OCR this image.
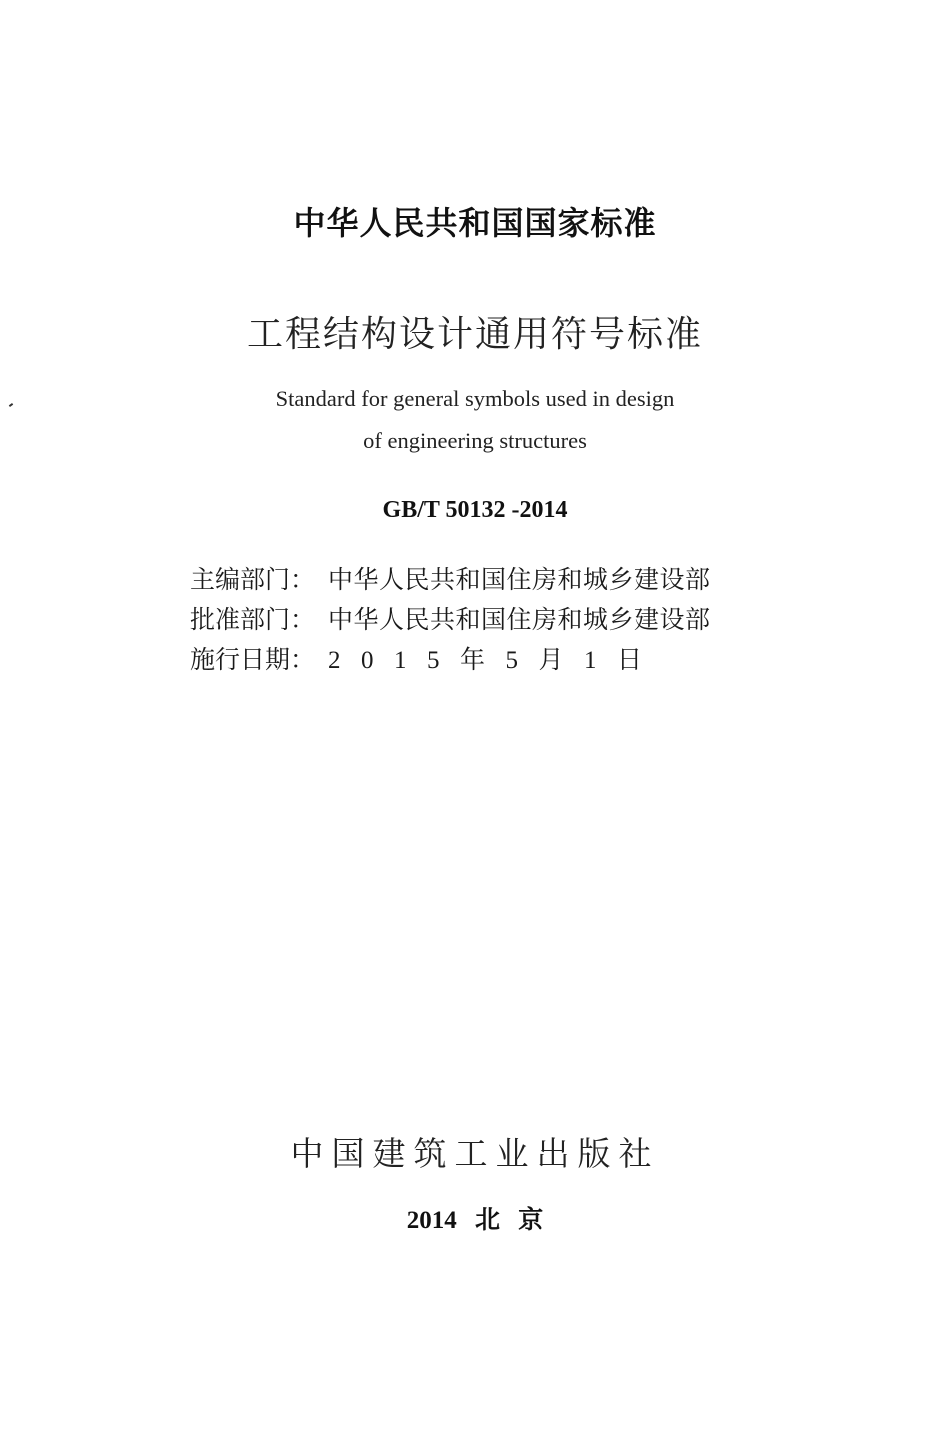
中华人民共和国国家标准
工程结构设计通用符号标准
Standard for general symbols used in design
of engineering structures
GB/T 50132 -2014
主编部门： 中华人民共和国住房和城乡建设部
批准部门： 中华人民共和国住房和城乡建设部
施行日期： 2015年5月1日
中国建筑工业出版社
2014 北 京
